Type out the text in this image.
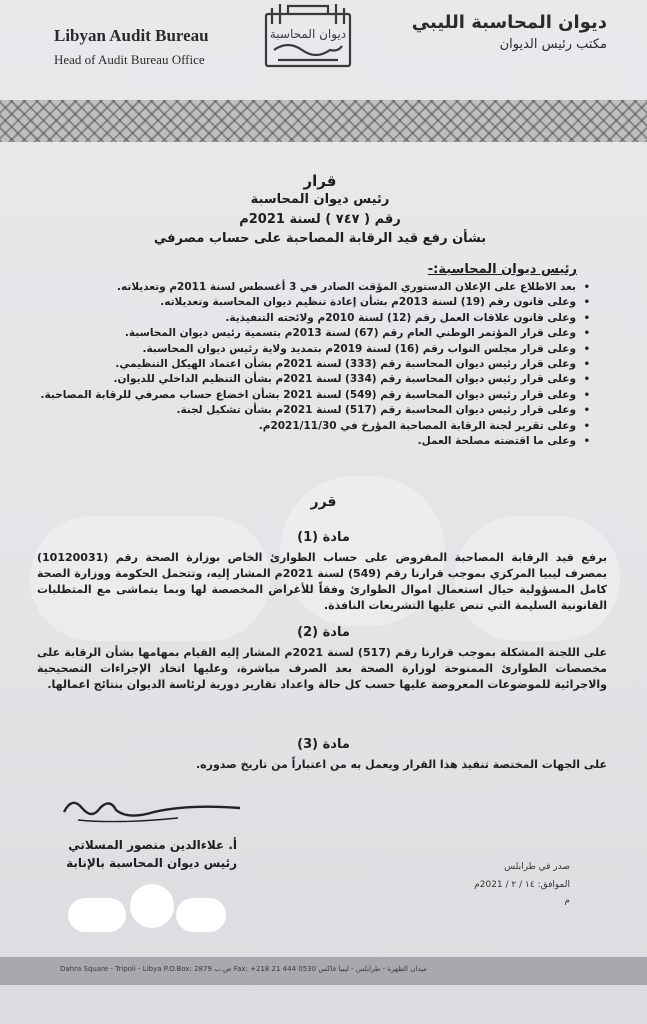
Libyan Audit Bureau
Head of Audit Bureau Office
ديوان المحاسبة
ديوان المحاسبة الليبي
مكتب رئيس الديوان
قرار
رئيس ديوان المحاسبة
رقم ( ٧٤٧ ) لسنة 2021م
بشأن رفع قيد الرقابة المصاحبة على حساب مصرفي
رئيس ديوان المحاسبة:-
• بعد الاطلاع على الإعلان الدستوري المؤقت الصادر في 3 أغسطس لسنة 2011م وتعديلاته.
• وعلى قانون رقم (19) لسنة 2013م بشأن إعادة تنظيم ديوان المحاسبة وتعديلاته.
• وعلى قانون علاقات العمل رقم (12) لسنة 2010م ولائحته التنفيذية.
• وعلى قرار المؤتمر الوطني العام رقم (67) لسنة 2013م بتسمية رئيس ديوان المحاسبة.
• وعلى قرار مجلس النواب رقم (16) لسنة 2019م بتمديد ولاية رئيس ديوان المحاسبة.
• وعلى قرار رئيس ديوان المحاسبة رقم (333) لسنة 2021م بشأن اعتماد الهيكل التنظيمي.
• وعلى قرار رئيس ديوان المحاسبة رقم (334) لسنة 2021م بشأن التنظيم الداخلي للديوان.
• وعلى قرار رئيس ديوان المحاسبة رقم (549) لسنة 2021 بشأن اخضاع حساب مصرفي للرقابة المصاحبة.
• وعلى قرار رئيس ديوان المحاسبة رقم (517) لسنة 2021م بشأن تشكيل لجنة.
• وعلى تقرير لجنة الرقابة المصاحبة المؤرخ في 2021/11/30م.
• وعلى ما اقتضته مصلحة العمل.
قرر
مادة (1)
برفع قيد الرقابة المصاحبة المفروض على حساب الطوارئ الخاص بوزارة الصحة رقم (10120031) بمصرف ليبيا المركزي بموجب قرارنا رقم (549) لسنة 2021م المشار إليه، وتتحمل الحكومة ووزارة الصحة كامل المسؤولية حيال استعمال اموال الطوارئ وفقاً للأغراض المخصصة لها وبما يتماشى مع المتطلبات القانونية السليمة التي تنص عليها التشريعات النافذة.
مادة (2)
على اللجنة المشكلة بموجب قرارنا رقم (517) لسنة 2021م المشار إليه القيام بمهامها بشأن الرقابة على مخصصات الطوارئ الممنوحة لوزارة الصحة بعد الصرف مباشرة، وعليها اتخاذ الإجراءات التصحيحية والاجرائية للموضوعات المعروضة عليها حسب كل حالة واعداد تقارير دورية لرئاسة الديوان بنتائج اعمالها.
مادة (3)
على الجهات المختصة تنفيذ هذا القرار ويعمل به من اعتباراً من تاريخ صدوره.
أ. علاءالدين منصور المسلاتي
رئيس ديوان المحاسبة بالإنابة	صدر في طرابلس
الموافق: ١٤ / ٢ / 2021م
م
Dahra Square - Tripoli - Libya P.O.Box: 2879 ص.ب Fax: +218 21 444 0530 ميدان الظهرة - طرابلس - ليبيا فاكس
